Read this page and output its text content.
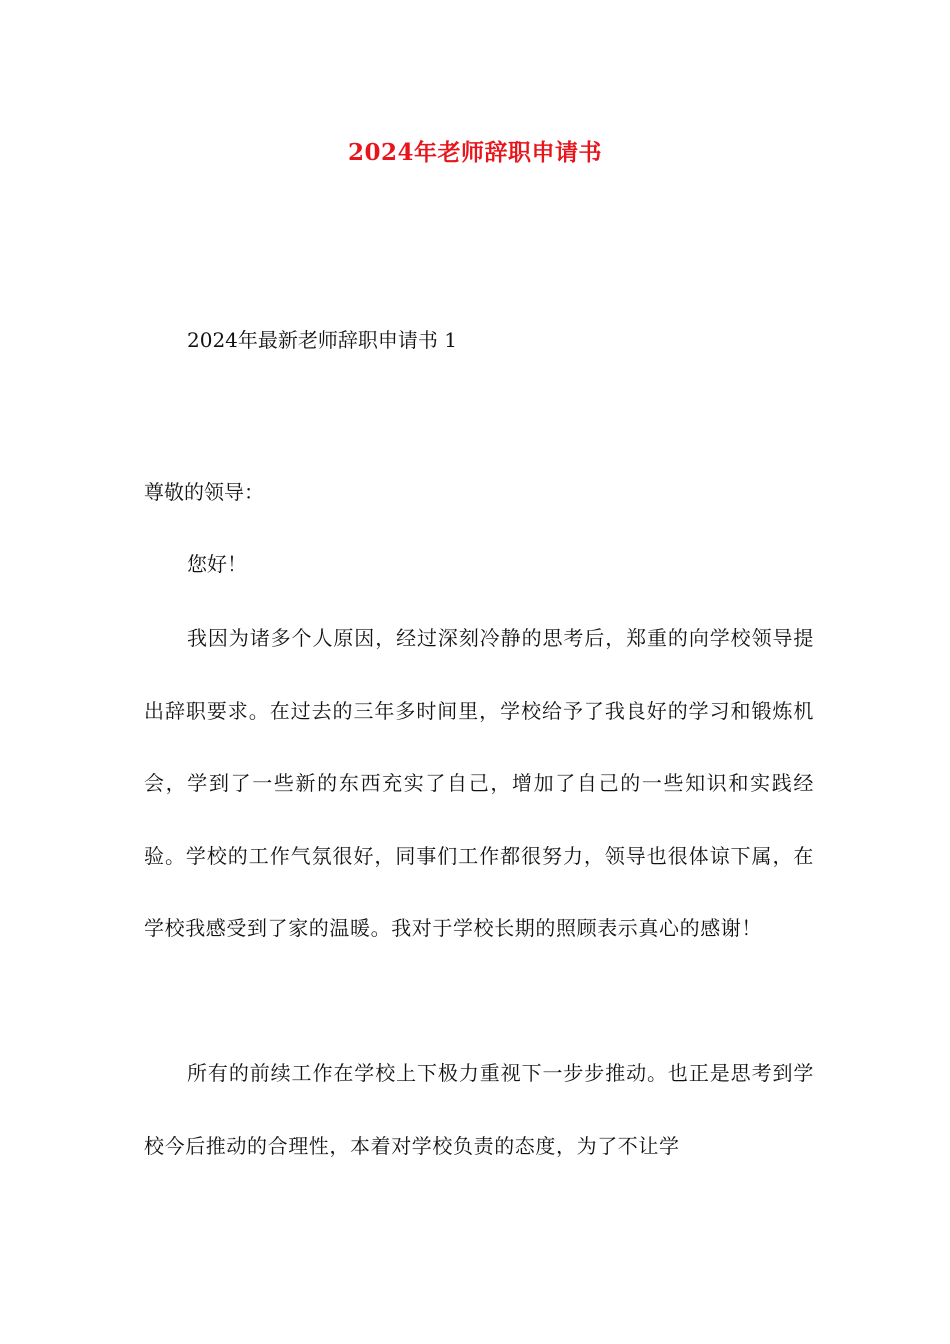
2024年老师辞职申请书
2024年最新老师辞职申请书 1
尊敬的领导：
您好！

我因为诸多个人原因，经过深刻冷静的思考后，郑重的向学校领导提出辞职要求。在过去的三年多时间里，学校给予了我良好的学习和锻炼机会，学到了一些新的东西充实了自己，增加了自己的一些知识和实践经验。学校的工作气氛很好，同事们工作都很努力，领导也很体谅下属，在学校我感受到了家的温暖。我对于学校长期的照顾表示真心的感谢！

所有的前续工作在学校上下极力重视下一步步推动。也正是思考到学校今后推动的合理性，本着对学校负责的态度，为了不让学
